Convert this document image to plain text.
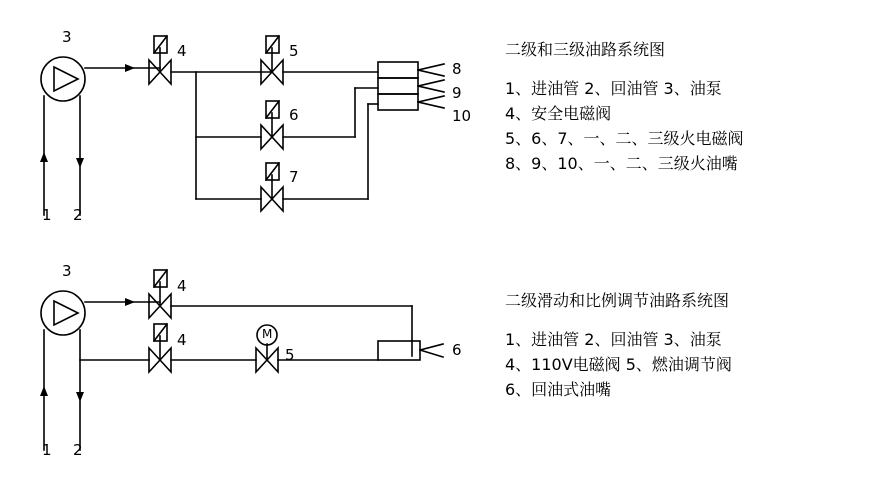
1 2
3
4	5
6
7
8
9
10
1 2
3
4
4
5	6
M
二级和三级油路系统图
1、进油管 2、回油管 3、油泵
4、安全电磁阀
5、6、7、一、二、三级火电磁阀
8、9、10、一、二、三级火油嘴
二级滑动和比例调节油路系统图
1、进油管 2、回油管 3、油泵
4、110V电磁阀 5、燃油调节阀
6、回油式油嘴
